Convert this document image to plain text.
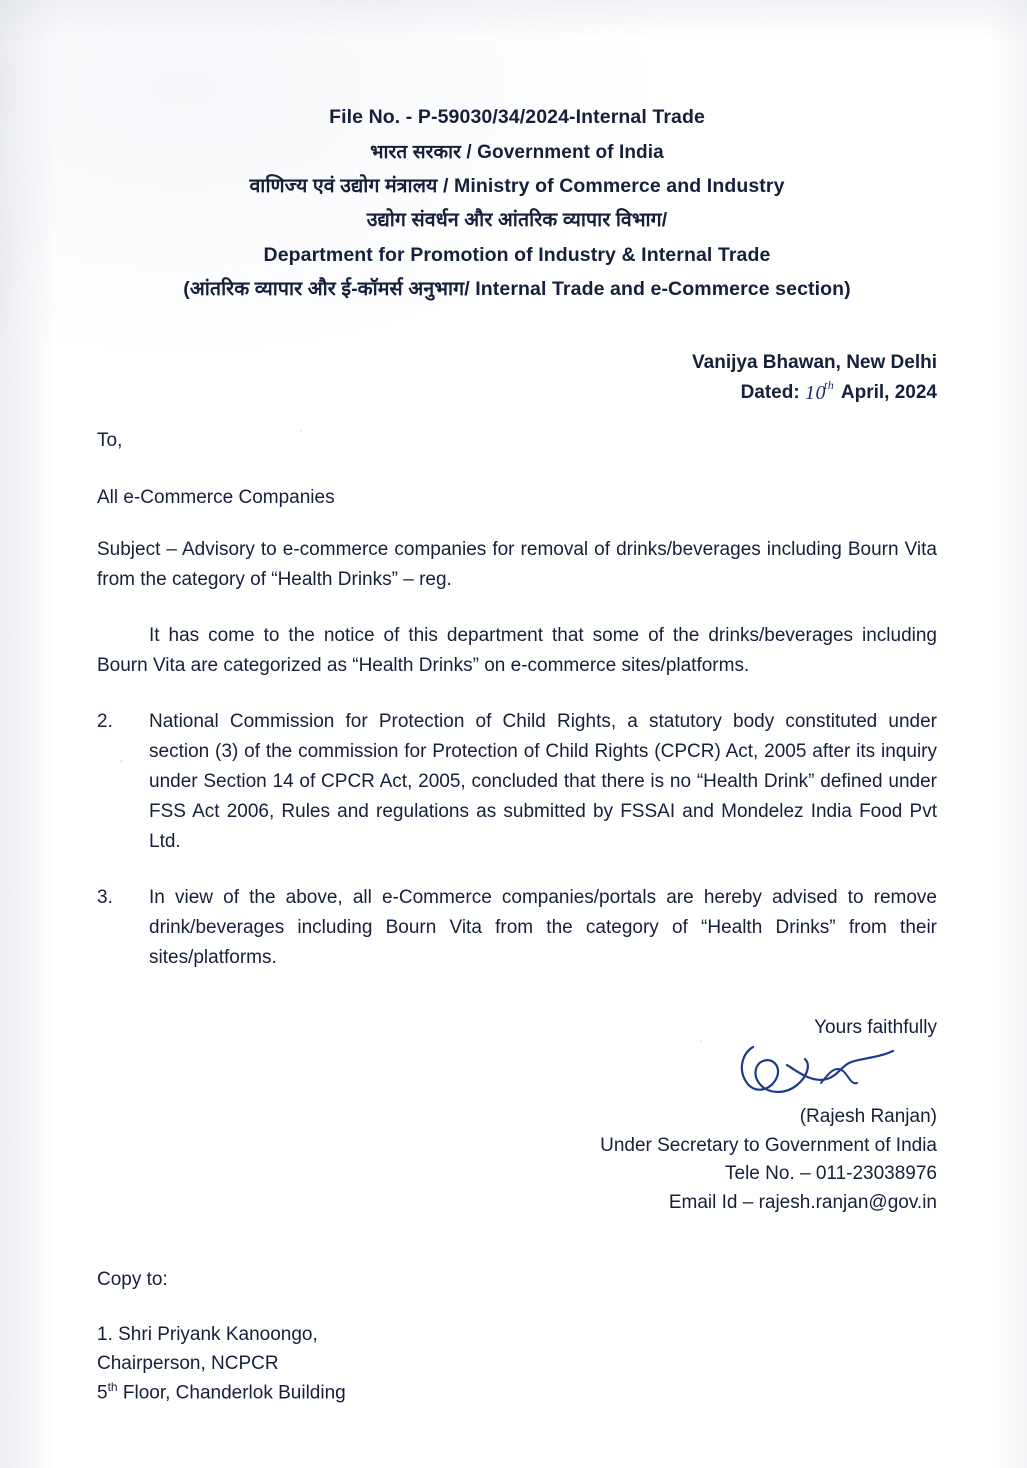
File No. - P-59030/34/2024-Internal Trade
भारत सरकार / Government of India
वाणिज्य एवं उद्योग मंत्रालय / Ministry of Commerce and Industry
उद्योग संवर्धन और आंतरिक व्यापार विभाग/
Department for Promotion of Industry & Internal Trade
(आंतरिक व्यापार और ई-कॉमर्स अनुभाग/ Internal Trade and e-Commerce section)
Vanijya Bhawan, New Delhi
Dated: 10th April, 2024
To,
All e-Commerce Companies

Subject – Advisory to e-commerce companies for removal of drinks/beverages including Bourn Vita from the category of “Health Drinks” – reg.

It has come to the notice of this department that some of the drinks/beverages including Bourn Vita are categorized as “Health Drinks” on e-commerce sites/platforms.

2.	National Commission for Protection of Child Rights, a statutory body constituted under section (3) of the commission for Protection of Child Rights (CPCR) Act, 2005 after its inquiry under Section 14 of CPCR Act, 2005, concluded that there is no “Health Drink” defined under FSS Act 2006, Rules and regulations as submitted by FSSAI and Mondelez India Food Pvt Ltd.
3.	In view of the above, all e-Commerce companies/portals are hereby advised to remove drink/beverages including Bourn Vita from the category of “Health Drinks” from their sites/platforms.
Yours faithfully
(Rajesh Ranjan)
Under Secretary to Government of India
Tele No. – 011-23038976
Email Id – rajesh.ranjan@gov.in
Copy to:
1. Shri Priyank Kanoongo,
Chairperson, NCPCR
5th Floor, Chanderlok Building
